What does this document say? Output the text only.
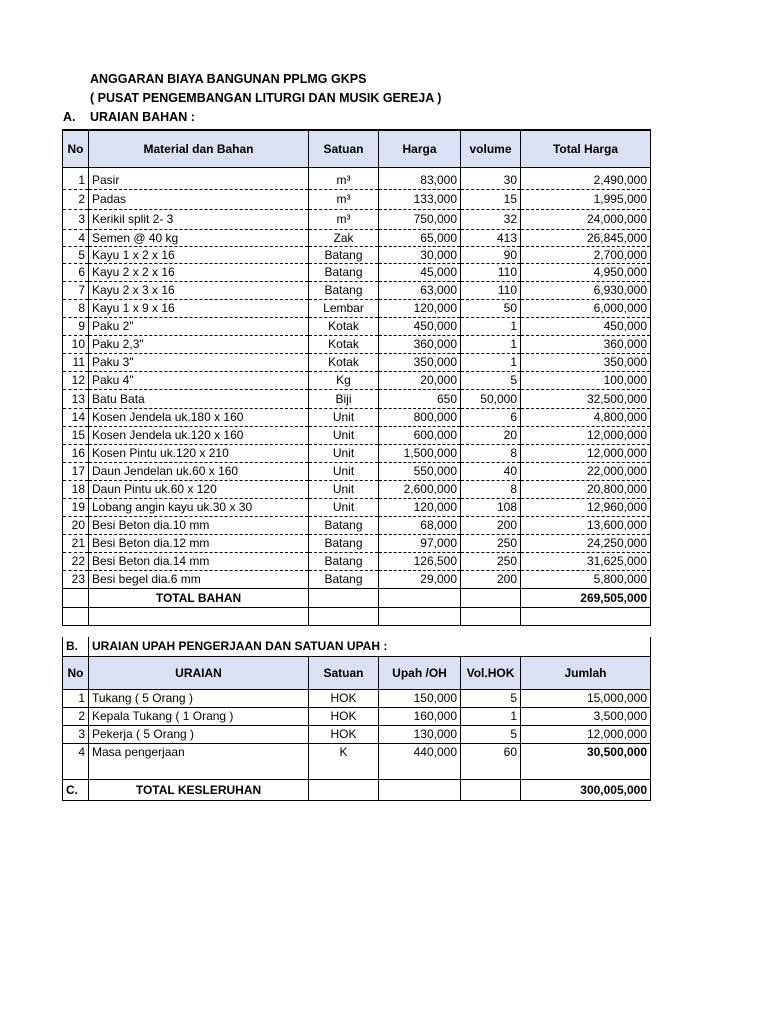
ANGGARAN BIAYA BANGUNAN PPLMG GKPS
( PUSAT PENGEMBANGAN LITURGI DAN MUSIK GEREJA )
A. URAIAN BAHAN :
No	Material dan Bahan	Satuan	Harga	volume	Total Harga

1	Pasir	m³	83,000	30	2,490,000
2	Padas	m³	133,000	15	1,995,000
3	Kerikil split 2- 3	m³	750,000	32	24,000,000
4	Semen @ 40 kg	Zak	65,000	413	26,845,000
5	Kayu 1 x 2 x 16	Batang	30,000	90	2,700,000
6	Kayu 2 x 2 x 16	Batang	45,000	110	4,950,000
7	Kayu 2 x 3 x 16	Batang	63,000	110	6,930,000
8	Kayu 1 x 9 x 16	Lembar	120,000	50	6,000,000
9	Paku 2"	Kotak	450,000	1	450,000
10	Paku 2,3"	Kotak	360,000	1	360,000
11	Paku 3"	Kotak	350,000	1	350,000
12	Paku 4"	Kg	20,000	5	100,000
13	Batu Bata	Biji	650	50,000	32,500,000
14	Kosen Jendela uk.180 x 160	Unit	800,000	6	4,800,000
15	Kosen Jendela uk.120 x 160	Unit	600,000	20	12,000,000
16	Kosen Pintu uk.120 x 210	Unit	1,500,000	8	12,000,000
17	Daun Jendelan uk.60 x 160	Unit	550,000	40	22,000,000
18	Daun Pintu uk.60 x 120	Unit	2,600,000	8	20,800,000
19	Lobang angin kayu uk.30 x 30	Unit	120,000	108	12,960,000
20	Besi Beton dia.10 mm	Batang	68,000	200	13,600,000
21	Besi Beton dia.12 mm	Batang	97,000	250	24,250,000
22	Besi Beton dia.14 mm	Batang	126,500	250	31,625,000
23	Besi begel dia.6 mm	Batang	29,000	200	5,800,000
	TOTAL BAHAN				269,505,000

B.	URAIAN UPAH PENGERJAAN DAN SATUAN UPAH :				
No	URAIAN	Satuan	Upah /OH	Vol.HOK	Jumlah
1	Tukang ( 5 Orang )	HOK	150,000	5	15,000,000
2	Kepala Tukang ( 1 Orang )	HOK	160,000	1	3,500,000
3	Pekerja ( 5 Orang )	HOK	130,000	5	12,000,000
4	Masa pengerjaan	K	440,000	60	30,500,000

C.	TOTAL KESLERUHAN				300,005,000
